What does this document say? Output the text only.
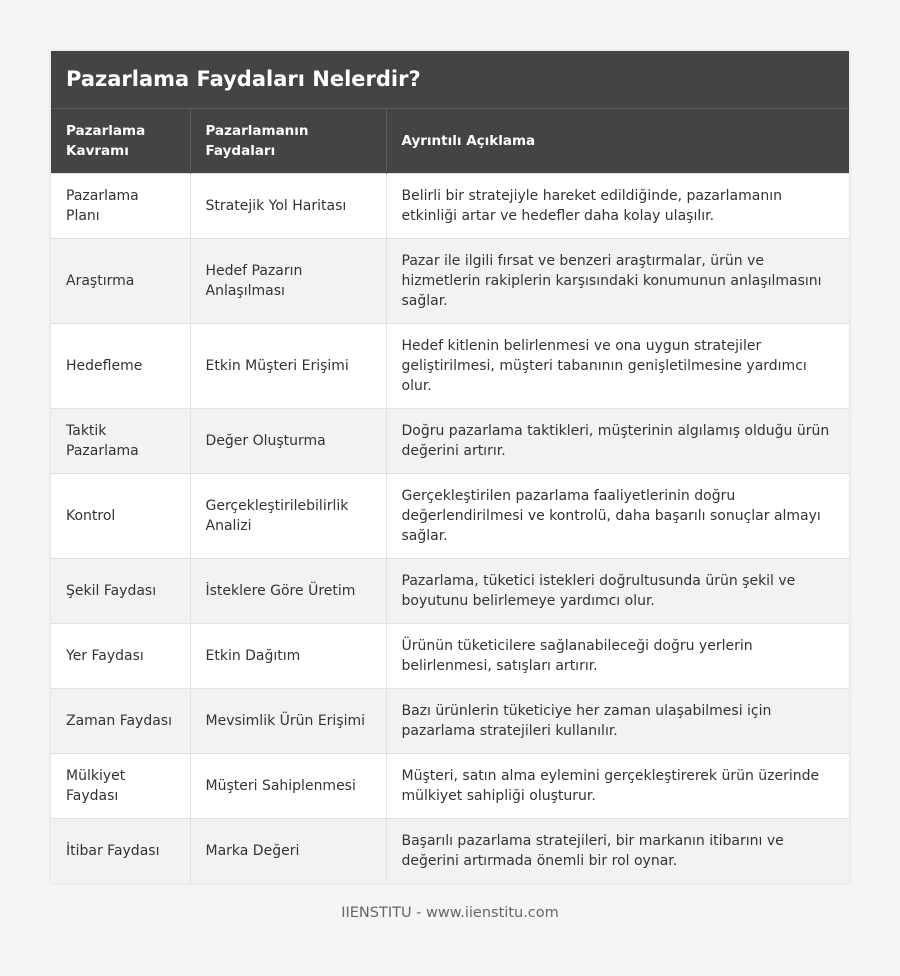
Pazarlama Faydaları Nelerdir?
Pazarlama Kavramı	Pazarlamanın Faydaları	Ayrıntılı Açıklama
Pazarlama Planı	Stratejik Yol Haritası	Belirli bir stratejiyle hareket edildiğinde, pazarlamanın etkinliği artar ve hedefler daha kolay ulaşılır.
Araştırma	Hedef Pazarın Anlaşılması	Pazar ile ilgili fırsat ve benzeri araştırmalar, ürün ve hizmetlerin rakiplerin karşısındaki konumunun anlaşılmasını sağlar.
Hedefleme	Etkin Müşteri Erişimi	Hedef kitlenin belirlenmesi ve ona uygun stratejiler geliştirilmesi, müşteri tabanının genişletilmesine yardımcı olur.
Taktik Pazarlama	Değer Oluşturma	Doğru pazarlama taktikleri, müşterinin algılamış olduğu ürün değerini artırır.
Kontrol	Gerçekleştirilebilirlik Analizi	Gerçekleştirilen pazarlama faaliyetlerinin doğru değerlendirilmesi ve kontrolü, daha başarılı sonuçlar almayı sağlar.
Şekil Faydası	İsteklere Göre Üretim	Pazarlama, tüketici istekleri doğrultusunda ürün şekil ve boyutunu belirlemeye yardımcı olur.
Yer Faydası	Etkin Dağıtım	Ürünün tüketicilere sağlanabileceği doğru yerlerin belirlenmesi, satışları artırır.
Zaman Faydası	Mevsimlik Ürün Erişimi	Bazı ürünlerin tüketiciye her zaman ulaşabilmesi için pazarlama stratejileri kullanılır.
Mülkiyet Faydası	Müşteri Sahiplenmesi	Müşteri, satın alma eylemini gerçekleştirerek ürün üzerinde mülkiyet sahipliği oluşturur.
İtibar Faydası	Marka Değeri	Başarılı pazarlama stratejileri, bir markanın itibarını ve değerini artırmada önemli bir rol oynar.
IIENSTITU - www.iienstitu.com
